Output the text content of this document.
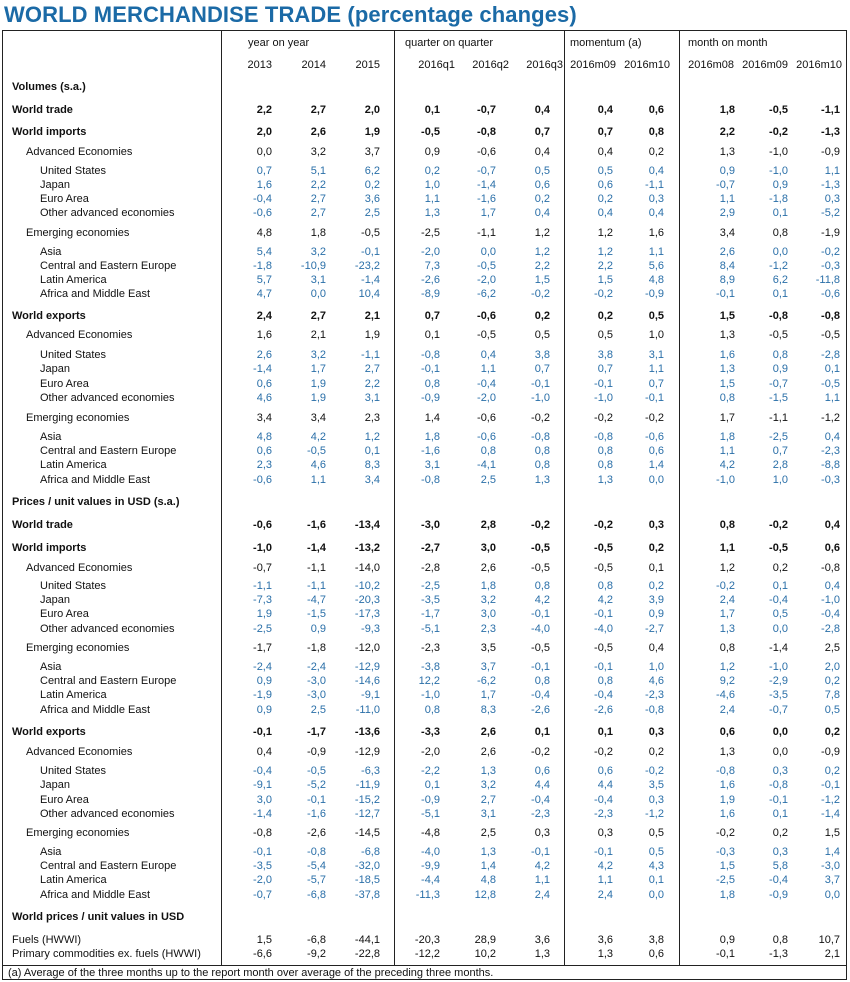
WORLD MERCHANDISE TRADE (percentage changes)
year on year	quarter on quarter	momentum (a)	month on month
2013	2014	2015	2016q1	2016q2	2016q3 2016m09 2016m10	2016m08 2016m09 2016m10
Volumes (s.a.)
World trade	2,2	2,7	2,0	0,1	-0,7	0,4	0,4	0,6	1,8	-0,5	-1,1
World imports	2,0	2,6	1,9	-0,5	-0,8	0,7	0,7	0,8	2,2	-0,2	-1,3
Advanced Economies	0,0	3,2	3,7	0,9	-0,6	0,4	0,4	0,2	1,3	-1,0	-0,9
United States	0,7	5,1	6,2	0,2	-0,7	0,5	0,5	0,4	0,9	-1,0	1,1
Japan	1,6	2,2	0,2	1,0	-1,4	0,6	0,6	-1,1	-0,7	0,9	-1,3
Euro Area	-0,4	2,7	3,6	1,1	-1,6	0,2	0,2	0,3	1,1	-1,8	0,3
Other advanced economies	-0,6	2,7	2,5	1,3	1,7	0,4	0,4	0,4	2,9	0,1	-5,2
Emerging economies	4,8	1,8	-0,5	-2,5	-1,1	1,2	1,2	1,6	3,4	0,8	-1,9
Asia	5,4	3,2	-0,1	-2,0	0,0	1,2	1,2	1,1	2,6	0,0	-0,2
Central and Eastern Europe	-1,8	-10,9	-23,2	7,3	-0,5	2,2	2,2	5,6	8,4	-1,2	-0,3
Latin America	5,7	3,1	-1,4	-2,6	-2,0	1,5	1,5	4,8	8,9	6,2	-11,8
Africa and Middle East	4,7	0,0	10,4	-8,9	-6,2	-0,2	-0,2	-0,9	-0,1	0,1	-0,6
World exports	2,4	2,7	2,1	0,7	-0,6	0,2	0,2	0,5	1,5	-0,8	-0,8
Advanced Economies	1,6	2,1	1,9	0,1	-0,5	0,5	0,5	1,0	1,3	-0,5	-0,5
United States	2,6	3,2	-1,1	-0,8	0,4	3,8	3,8	3,1	1,6	0,8	-2,8
Japan	-1,4	1,7	2,7	-0,1	1,1	0,7	0,7	1,1	1,3	0,9	0,1
Euro Area	0,6	1,9	2,2	0,8	-0,4	-0,1	-0,1	0,7	1,5	-0,7	-0,5
Other advanced economies	4,6	1,9	3,1	-0,9	-2,0	-1,0	-1,0	-0,1	0,8	-1,5	1,1
Emerging economies	3,4	3,4	2,3	1,4	-0,6	-0,2	-0,2	-0,2	1,7	-1,1	-1,2
Asia	4,8	4,2	1,2	1,8	-0,6	-0,8	-0,8	-0,6	1,8	-2,5	0,4
Central and Eastern Europe	0,6	-0,5	0,1	-1,6	0,8	0,8	0,8	0,6	1,1	0,7	-2,3
Latin America	2,3	4,6	8,3	3,1	-4,1	0,8	0,8	1,4	4,2	2,8	-8,8
Africa and Middle East	-0,6	1,1	3,4	-0,8	2,5	1,3	1,3	0,0	-1,0	1,0	-0,3
Prices / unit values in USD (s.a.)
World trade	-0,6	-1,6	-13,4	-3,0	2,8	-0,2	-0,2	0,3	0,8	-0,2	0,4
World imports	-1,0	-1,4	-13,2	-2,7	3,0	-0,5	-0,5	0,2	1,1	-0,5	0,6
Advanced Economies	-0,7	-1,1	-14,0	-2,8	2,6	-0,5	-0,5	0,1	1,2	0,2	-0,8
United States	-1,1	-1,1	-10,2	-2,5	1,8	0,8	0,8	0,2	-0,2	0,1	0,4
Japan	-7,3	-4,7	-20,3	-3,5	3,2	4,2	4,2	3,9	2,4	-0,4	-1,0
Euro Area	1,9	-1,5	-17,3	-1,7	3,0	-0,1	-0,1	0,9	1,7	0,5	-0,4
Other advanced economies	-2,5	0,9	-9,3	-5,1	2,3	-4,0	-4,0	-2,7	1,3	0,0	-2,8
Emerging economies	-1,7	-1,8	-12,0	-2,3	3,5	-0,5	-0,5	0,4	0,8	-1,4	2,5
Asia	-2,4	-2,4	-12,9	-3,8	3,7	-0,1	-0,1	1,0	1,2	-1,0	2,0
Central and Eastern Europe	0,9	-3,0	-14,6	12,2	-6,2	0,8	0,8	4,6	9,2	-2,9	0,2
Latin America	-1,9	-3,0	-9,1	-1,0	1,7	-0,4	-0,4	-2,3	-4,6	-3,5	7,8
Africa and Middle East	0,9	2,5	-11,0	0,8	8,3	-2,6	-2,6	-0,8	2,4	-0,7	0,5
World exports	-0,1	-1,7	-13,6	-3,3	2,6	0,1	0,1	0,3	0,6	0,0	0,2
Advanced Economies	0,4	-0,9	-12,9	-2,0	2,6	-0,2	-0,2	0,2	1,3	0,0	-0,9
United States	-0,4	-0,5	-6,3	-2,2	1,3	0,6	0,6	-0,2	-0,8	0,3	0,2
Japan	-9,1	-5,2	-11,9	0,1	3,2	4,4	4,4	3,5	1,6	-0,8	-0,1
Euro Area	3,0	-0,1	-15,2	-0,9	2,7	-0,4	-0,4	0,3	1,9	-0,1	-1,2
Other advanced economies	-1,4	-1,6	-12,7	-5,1	3,1	-2,3	-2,3	-1,2	1,6	0,1	-1,4
Emerging economies	-0,8	-2,6	-14,5	-4,8	2,5	0,3	0,3	0,5	-0,2	0,2	1,5
Asia	-0,1	-0,8	-6,8	-4,0	1,3	-0,1	-0,1	0,5	-0,3	0,3	1,4
Central and Eastern Europe	-3,5	-5,4	-32,0	-9,9	1,4	4,2	4,2	4,3	1,5	5,8	-3,0
Latin America	-2,0	-5,7	-18,5	-4,4	4,8	1,1	1,1	0,1	-2,5	-0,4	3,7
Africa and Middle East	-0,7	-6,8	-37,8	-11,3	12,8	2,4	2,4	0,0	1,8	-0,9	0,0
World prices / unit values in USD
Fuels (HWWI)	1,5	-6,8	-44,1	-20,3	28,9	3,6	3,6	3,8	0,9	0,8	10,7
Primary commodities ex. fuels (HWWI)	-6,6	-9,2	-22,8	-12,2	10,2	1,3	1,3	0,6	-0,1	-1,3	2,1
(a) Average of the three months up to the report month over average of the preceding three months.
